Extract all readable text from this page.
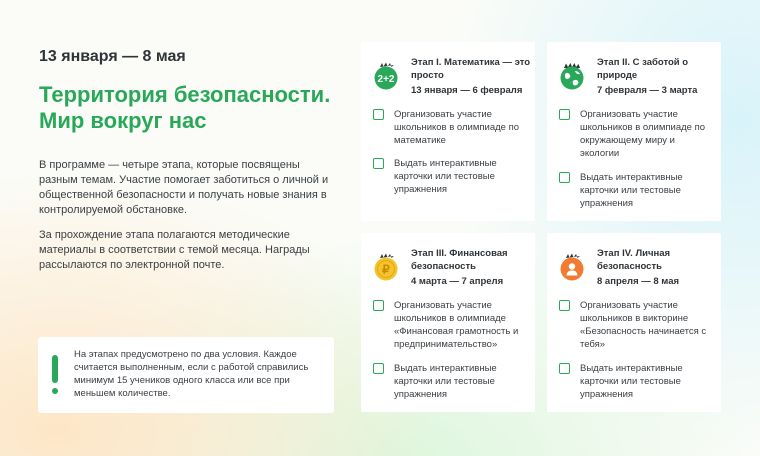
13 января — 8 мая
Территория безопасности.
Мир вокруг нас

В программе — четыре этапа, которые посвящены разным темам. Участие помогает заботиться о личной и общественной безопасности и получать новые знания в контролируемой обстановке.

За прохождение этапа полагаются методические материалы в соответствии с темой месяца. Награды рассылаются по электронной почте.

На этапах предусмотрено по два условия. Каждое считается выполненным, если с работой справились минимум 15 учеников одного класса или все при меньшем количестве.
2+2
Этап I. Математика — это просто
13 января — 6 февраля
Организовать участие школьников в олимпиаде по математике
Выдать интерактивные карточки или тестовые упражнения
Этап II. С заботой о природе
7 февраля — 3 марта
Организовать участие школьников в олимпиаде по окружающему миру и экологии
Выдать интерактивные карточки или тестовые упражнения
₽
Этап III. Финансовая безопасность
4 марта — 7 апреля
Организовать участие школьников в олимпиаде «Финансовая грамотность и предпринимательство»
Выдать интерактивные карточки или тестовые упражнения
Этап IV. Личная безопасность
8 апреля — 8 мая
Организовать участие школьников в викторине «Безопасность начинается с тебя»
Выдать интерактивные карточки или тестовые упражнения
